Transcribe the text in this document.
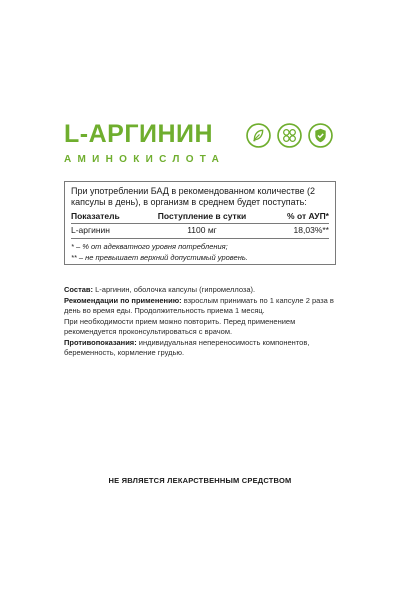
L-АРГИНИН
АМИНОКИСЛОТА
При употреблении БАД в рекомендованном количестве (2 капсулы в день), в организм в среднем будет поступать:
Показатель	Поступление в сутки	% от АУП*
L-аргинин	1100 мг	18,03%**
* – % от адекватного уровня потребления;
** – не превышает верхний допустимый уровень.

Состав: L-аргинин, оболочка капсулы (гипромеллоза).

Рекомендации по применению: взрослым принимать по 1 капсуле 2 раза в день во время еды. Продолжительность приема 1 месяц.

При необходимости прием можно повторить. Перед применением рекомендуется проконсультироваться с врачом.

Противопоказания: индивидуальная непереносимость компонентов, беременность, кормление грудью.

НЕ ЯВЛЯЕТСЯ ЛЕКАРСТВЕННЫМ СРЕДСТВОМ
